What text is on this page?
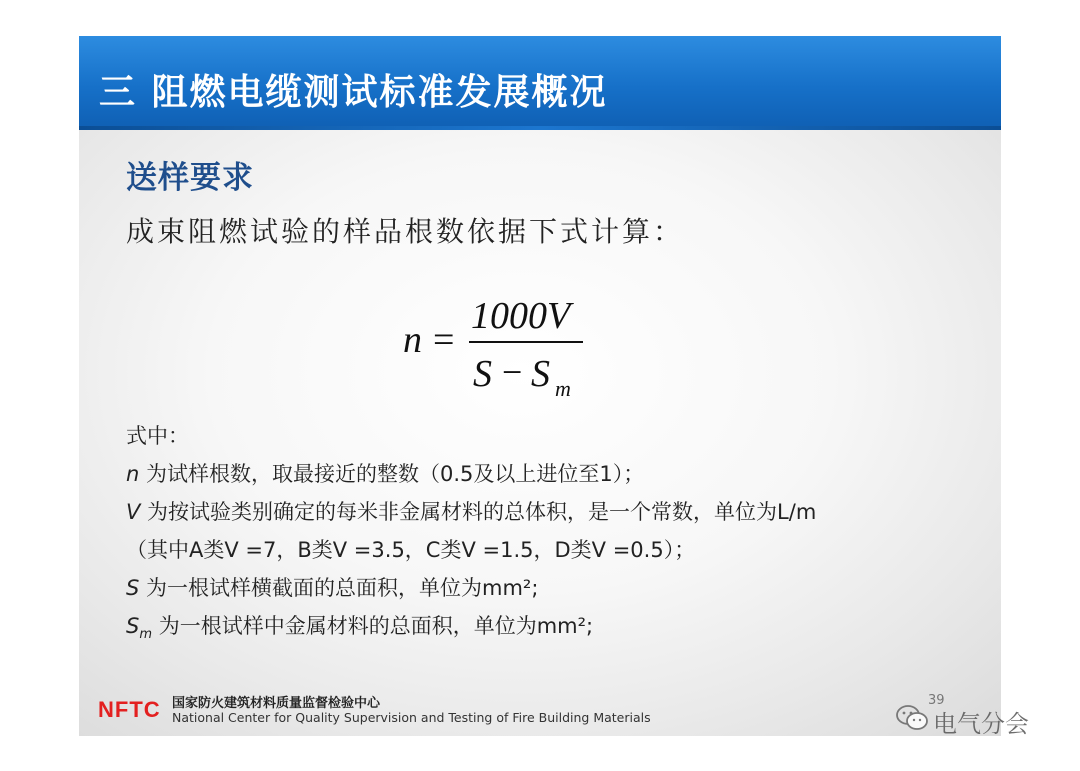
三 阻燃电缆测试标准发展概况
送样要求
成束阻燃试验的样品根数依据下式计算：
n =
1000V
S − S m
式中：
n 为试样根数，取最接近的整数（0.5及以上进位至1）；
V 为按试验类别确定的每米非金属材料的总体积，是一个常数，单位为L/m
（其中A类V =7，B类V =3.5，C类V =1.5，D类V =0.5）；
S 为一根试样横截面的总面积，单位为mm²;
$S_m$ 为一根试样中金属材料的总面积，单位为mm²;
NFTC 国家防火建筑材料质量监督检验中心
National Center for Quality Supervision and Testing of Fire Building Materials
39
电气分会
